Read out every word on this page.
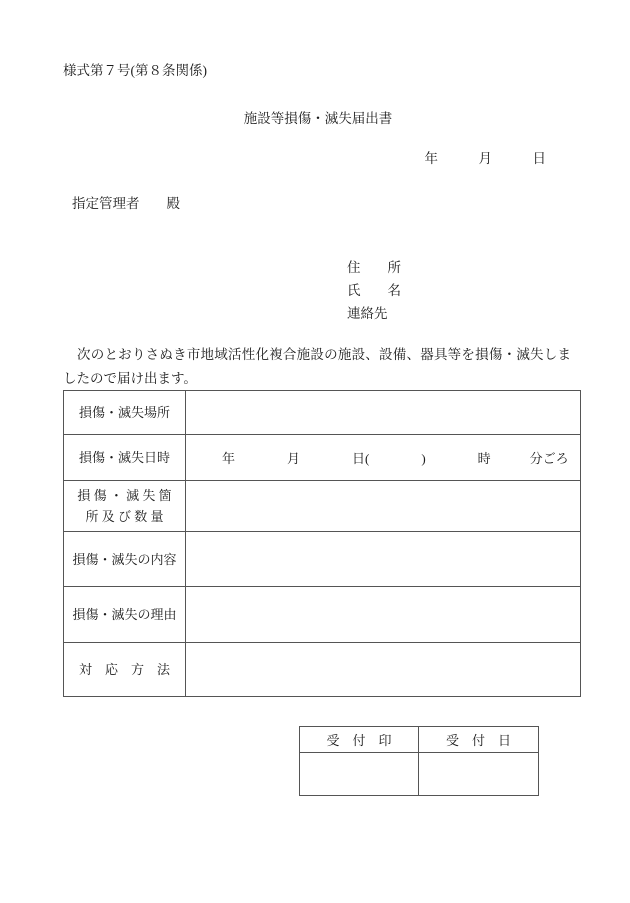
様式第７号(第８条関係)
施設等損傷・滅失届出書
年　　　月　　　日
指定管理者　　殿
住　　所
氏　　名
連絡先
次のとおりさぬき市地域活性化複合施設の施設、設備、器具等を損傷・滅失しましたので届け出ます。
損傷・滅失場所	

損傷・滅失日時	　　年　　　　月　　　　日(　　　　)　　　　時　　　分ごろ

損 傷 ・ 滅 失 箇
所 及 び 数 量	

損傷・滅失の内容	

損傷・滅失の理由	

対　応　方　法	

受　付　印	受　付　日
